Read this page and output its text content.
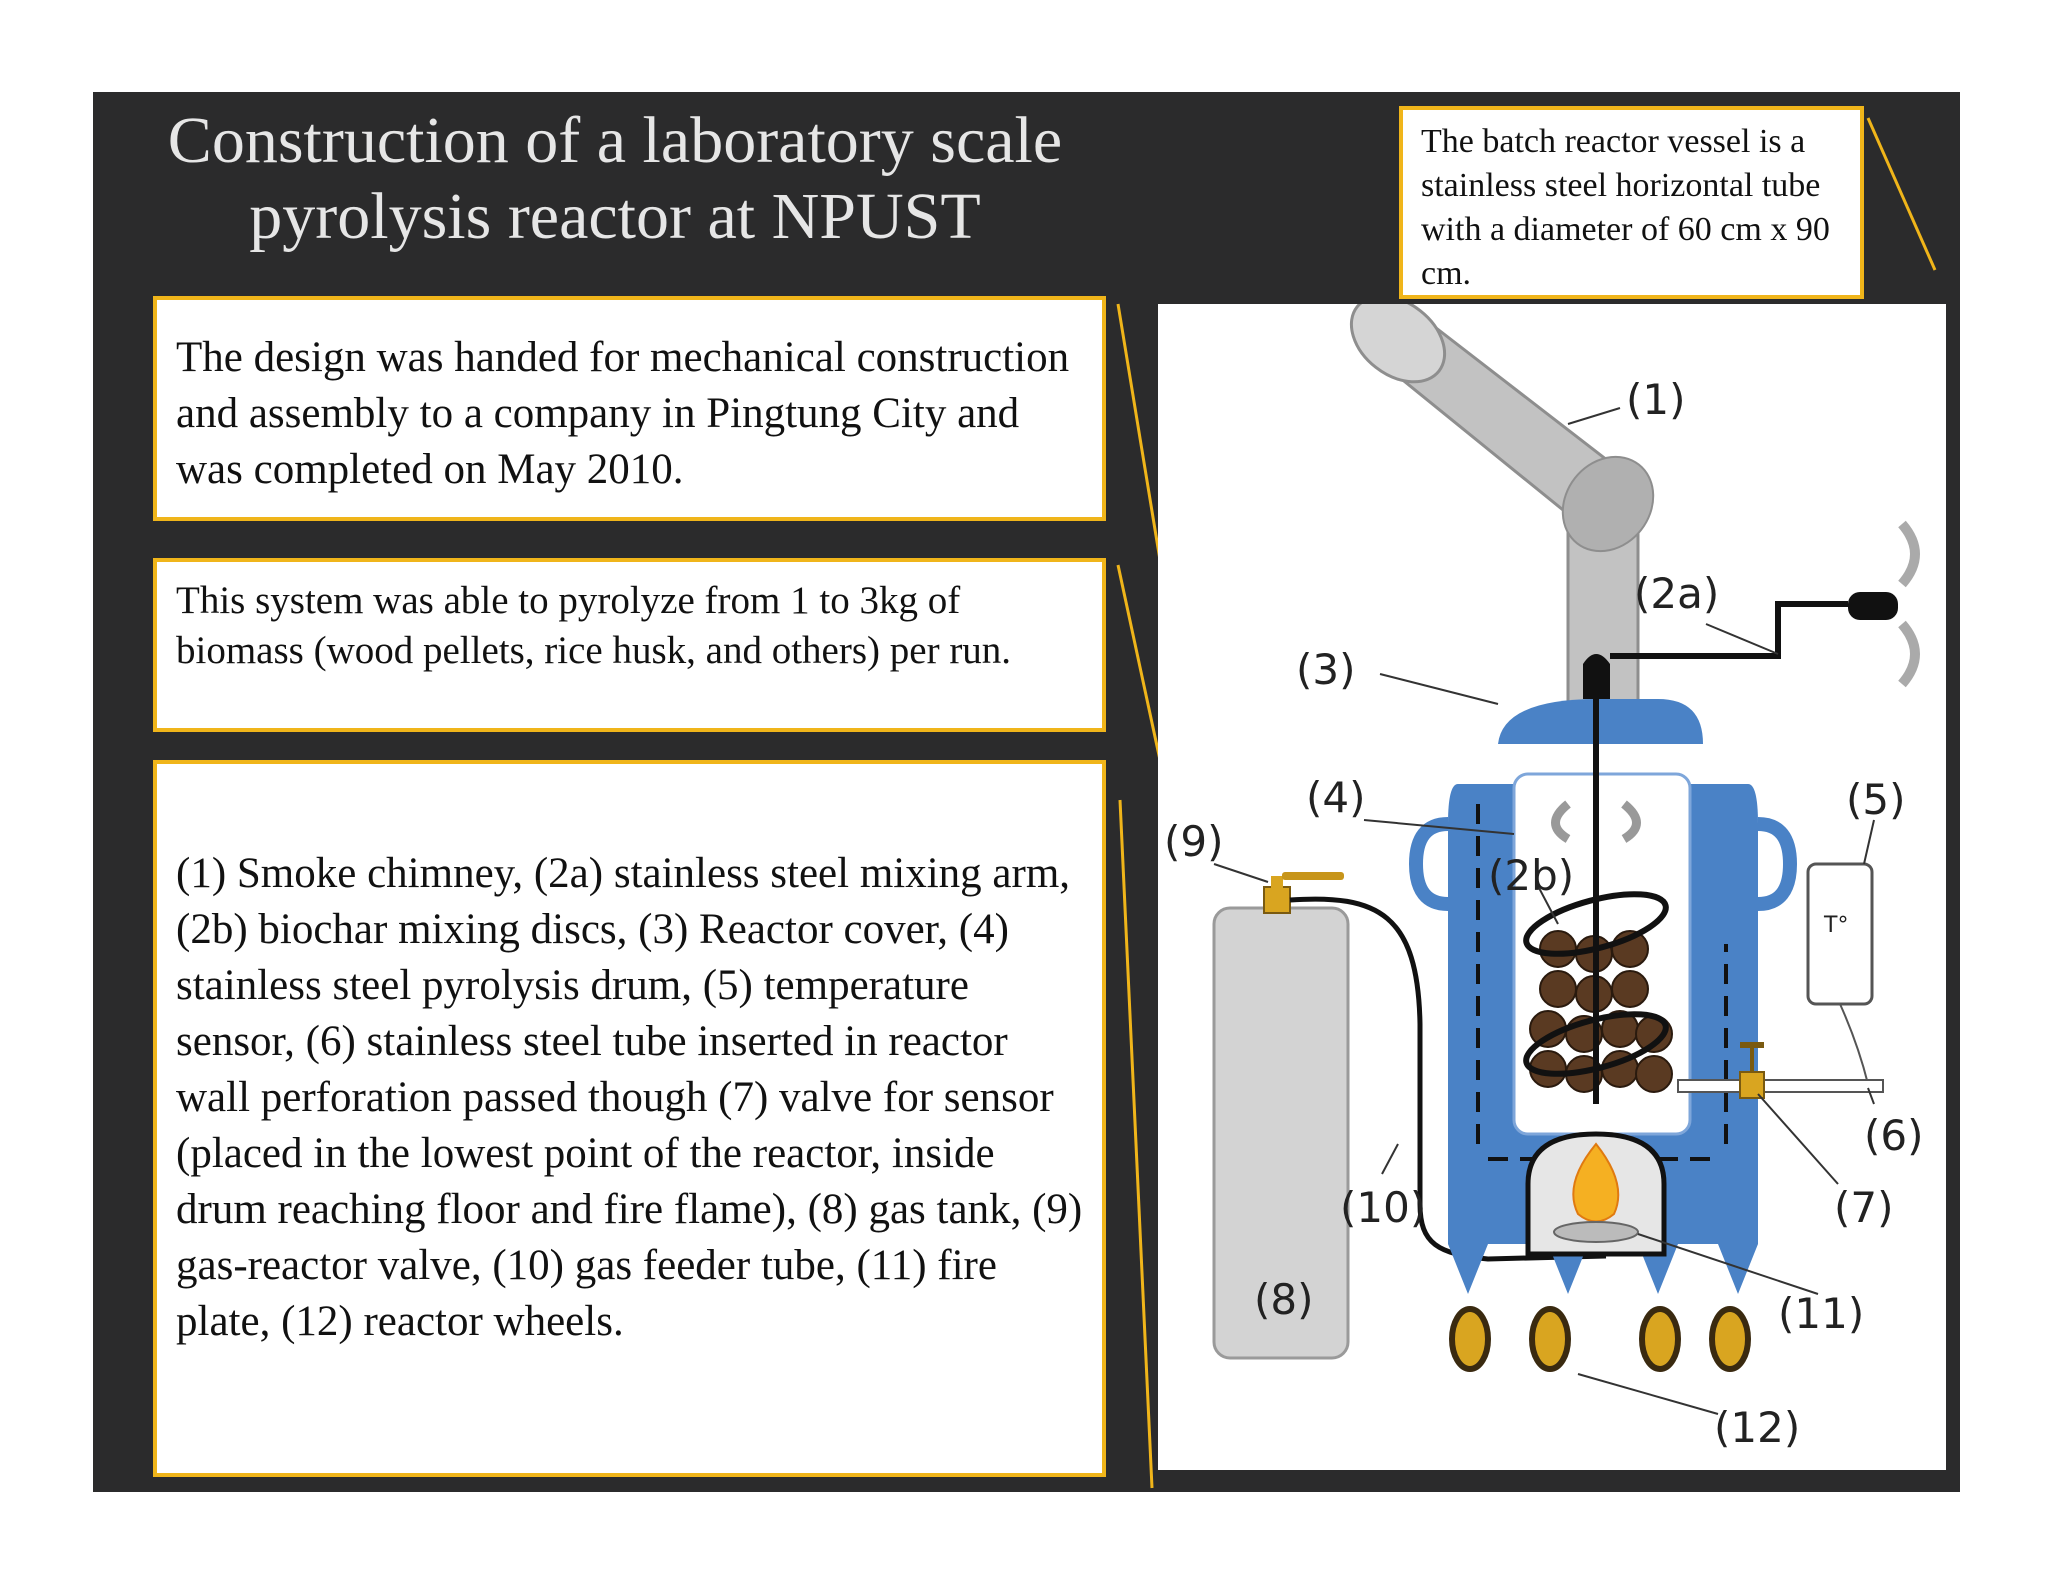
Construction of a laboratory scale
pyrolysis reactor at NPUST
The design was handed for mechanical construction and assembly to a company in Pingtung City and was completed on May 2010.
This system was able to pyrolyze from 1 to 3kg of biomass (wood pellets, rice husk, and others) per run.
(1) Smoke chimney, (2a) stainless steel mixing arm, (2b) biochar mixing discs, (3) Reactor cover, (4) stainless steel pyrolysis drum, (5) temperature sensor, (6) stainless steel tube inserted in reactor wall perforation passed though (7) valve for sensor (placed in the lowest point of the reactor, inside drum reaching floor and fire flame), (8) gas tank, (9) gas-reactor valve, (10) gas feeder tube, (11) fire plate, (12) reactor wheels.
The batch reactor vessel is a stainless steel horizontal tube with a diameter of 60 cm x 90 cm.
(1)
(2a)
(2b)
(3)
(4)	(5)
(6)
(7)
(8)
(9)
(10)
(11)
(12)
T°
